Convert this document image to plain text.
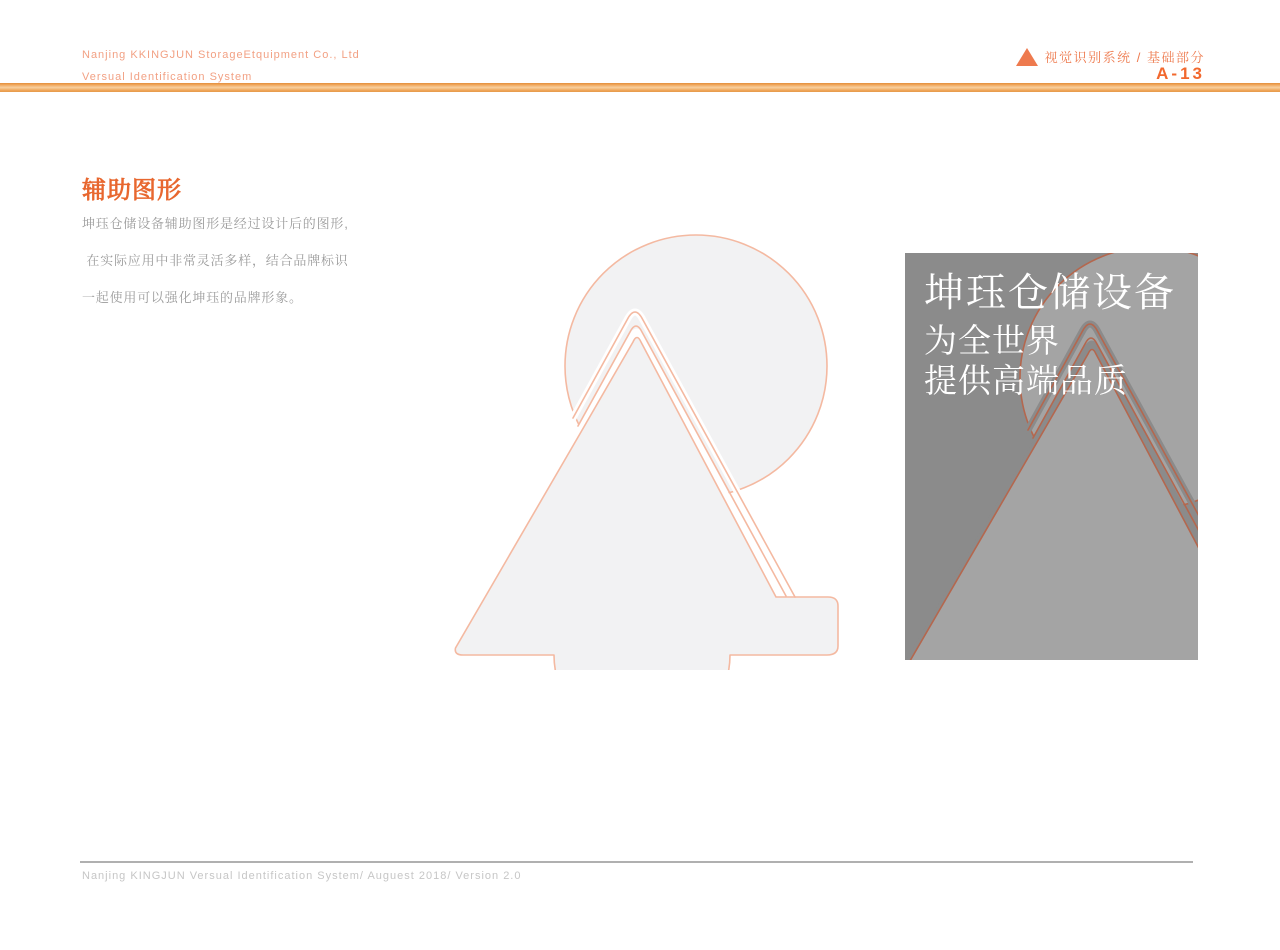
Nanjing KKINGJUN StorageEtquipment Co., Ltd
Versual Identification System
视觉识别系统 / 基础部分
A-13
辅助图形
坤珏仓储设备辅助图形是经过设计后的图形,
在实际应用中非常灵活多样，结合品牌标识
一起使用可以强化坤珏的品牌形象。	坤珏仓储设备
为全世界
提供高端品质
Nanjing KINGJUN Versual Identification System/ Auguest 2018/ Version 2.0
